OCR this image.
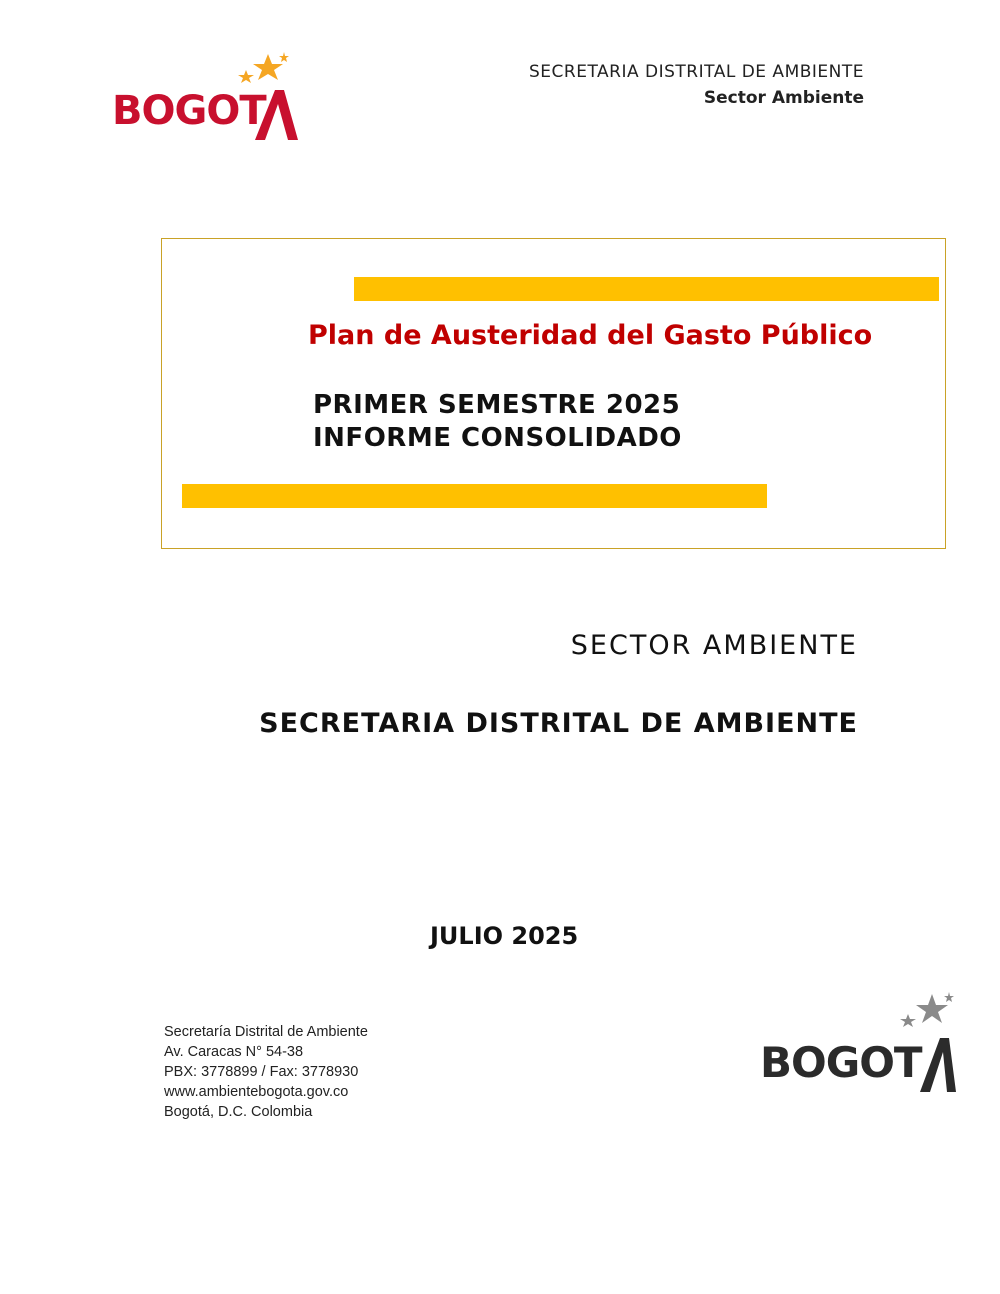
BOGOT
SECRETARIA DISTRITAL DE AMBIENTE
Sector Ambiente
Plan de Austeridad del Gasto Público
PRIMER SEMESTRE 2025
INFORME CONSOLIDADO
SECTOR AMBIENTE
SECRETARIA DISTRITAL DE AMBIENTE
JULIO 2025
Secretaría Distrital de Ambiente
Av. Caracas N° 54-38
PBX: 3778899 / Fax: 3778930
www.ambientebogota.gov.co
Bogotá, D.C. Colombia
BOGOT
